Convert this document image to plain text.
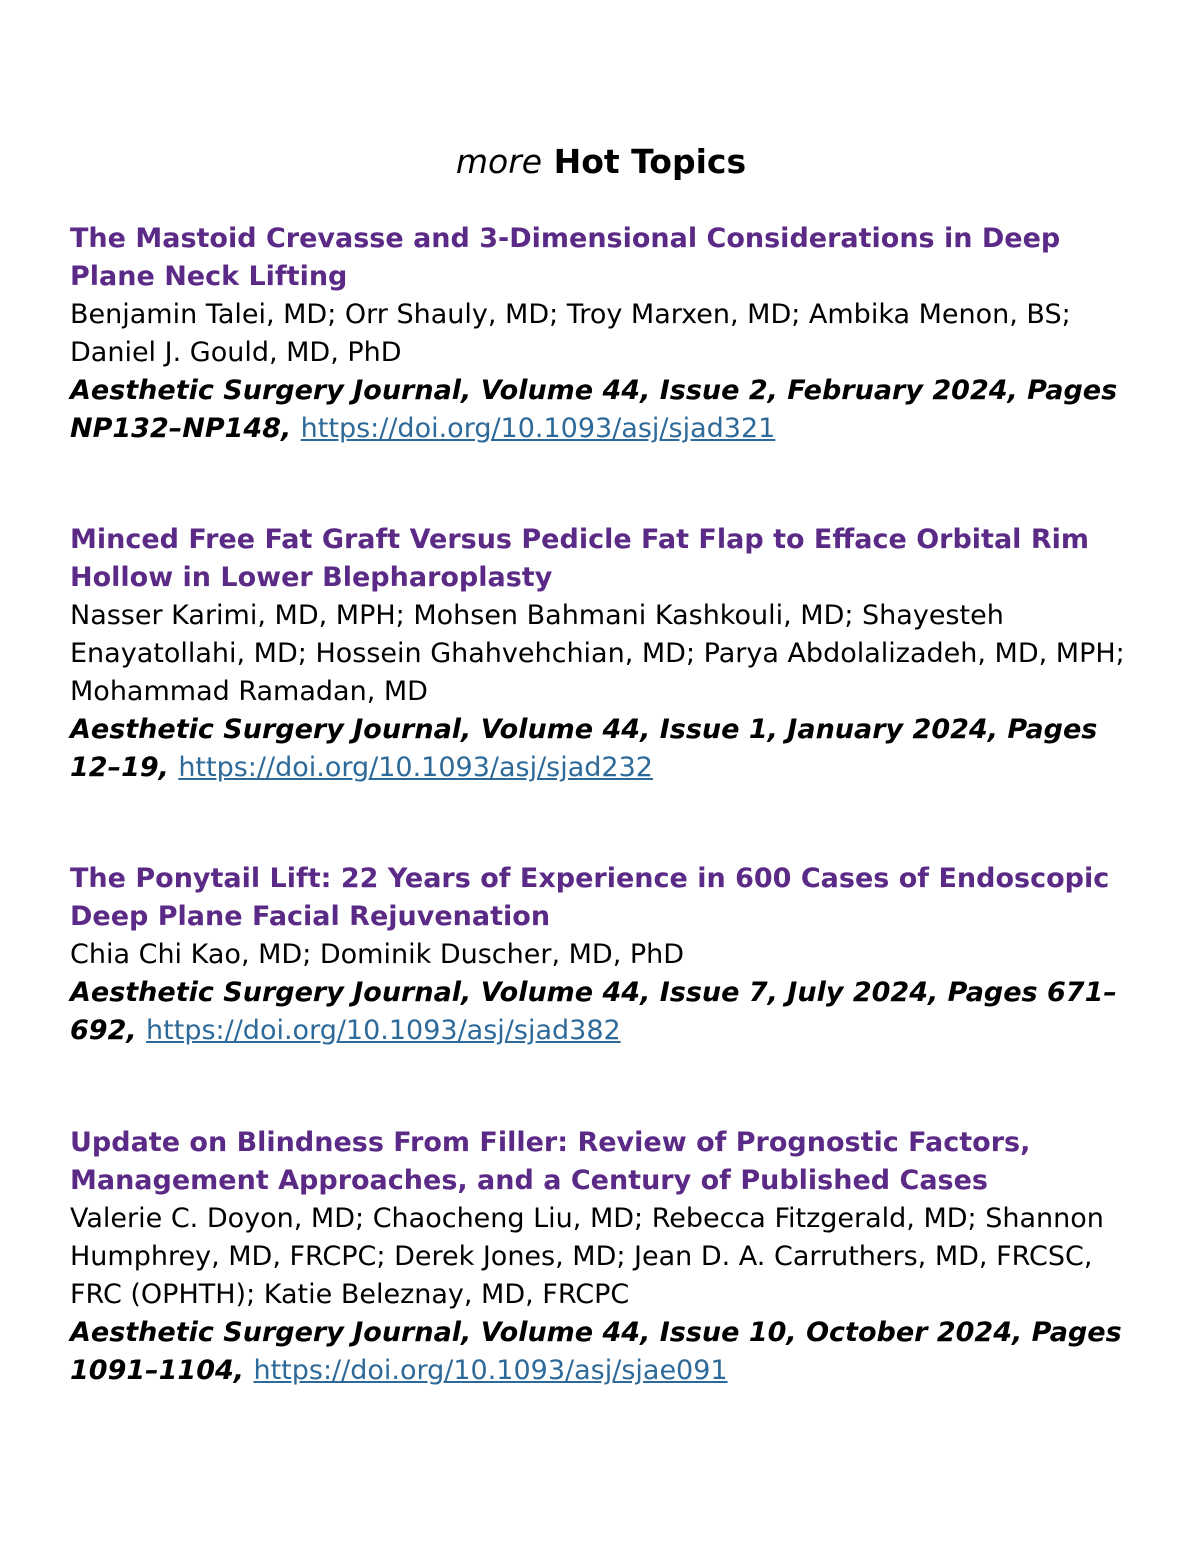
more Hot Topics

The Mastoid Crevasse and 3-Dimensional Considerations in Deep Plane Neck Lifting

Benjamin Talei, MD; Orr Shauly, MD; Troy Marxen, MD; Ambika Menon, BS; Daniel J. Gould, MD, PhD

Aesthetic Surgery Journal, Volume 44, Issue 2, February 2024, Pages NP132–NP148, https://doi.org/10.1093/asj/sjad321

Minced Free Fat Graft Versus Pedicle Fat Flap to Efface Orbital Rim Hollow in Lower Blepharoplasty

Nasser Karimi, MD, MPH; Mohsen Bahmani Kashkouli, MD; Shayesteh Enayatollahi, MD; Hossein Ghahvehchian, MD; Parya Abdolalizadeh, MD, MPH; Mohammad Ramadan, MD

Aesthetic Surgery Journal, Volume 44, Issue 1, January 2024, Pages 12–19, https://doi.org/10.1093/asj/sjad232

The Ponytail Lift: 22 Years of Experience in 600 Cases of Endoscopic Deep Plane Facial Rejuvenation

Chia Chi Kao, MD; Dominik Duscher, MD, PhD

Aesthetic Surgery Journal, Volume 44, Issue 7, July 2024, Pages 671–692, https://doi.org/10.1093/asj/sjad382

Update on Blindness From Filler: Review of Prognostic Factors, Management Approaches, and a Century of Published Cases

Valerie C. Doyon, MD; Chaocheng Liu, MD; Rebecca Fitzgerald, MD; Shannon Humphrey, MD, FRCPC; Derek Jones, MD; Jean D. A. Carruthers, MD, FRCSC, FRC (OPHTH); Katie Beleznay, MD, FRCPC

Aesthetic Surgery Journal, Volume 44, Issue 10, October 2024, Pages 1091–1104, https://doi.org/10.1093/asj/sjae091
